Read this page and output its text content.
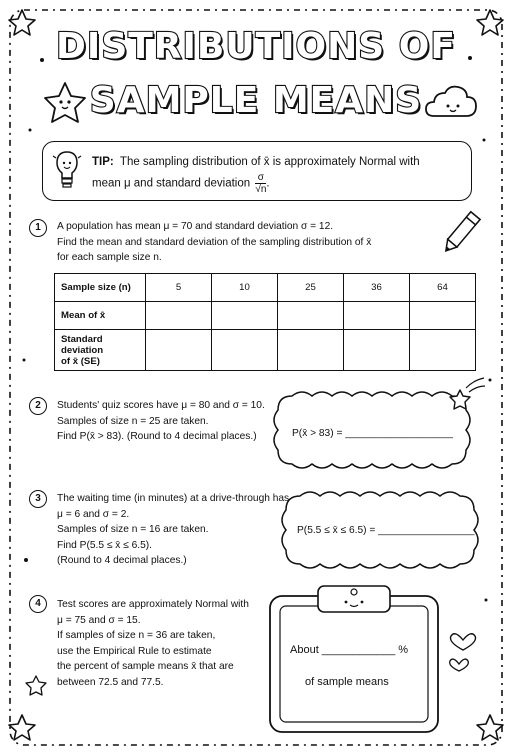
DISTRIBUTIONS OF
SAMPLE MEANS
TIP: The sampling distribution of x̄ is approximately Normal with
mean μ and standard deviation $\frac{\sigma}{√n}$ .
1	A population has mean μ = 70 and standard deviation σ = 12.
Find the mean and standard deviation of the sampling distribution of x̄
for each sample size n.
Sample size (n)	5	10	25	36	64
Mean of x̄					

Standard deviation
of x̄ (SE)					

2	Students' quiz scores have μ = 80 and σ = 10.
Samples of size n = 25 are taken.
Find P(x̄ > 83). (Round to 4 decimal places.)	P(x̄ > 83) = ___________________
3	The waiting time (in minutes) at a drive-through has
μ = 6 and σ = 2.
Samples of size n = 16 are taken.
Find P(5.5 ≤ x̄ ≤ 6.5).
(Round to 4 decimal places.)
P(5.5 ≤ x̄ ≤ 6.5) = _________________
4	Test scores are approximately Normal with
μ = 75 and σ = 15.
If samples of size n = 36 are taken,
use the Empirical Rule to estimate
the percent of sample means x̄ that are
between 72.5 and 77.5.
About ____________ %
of sample means
